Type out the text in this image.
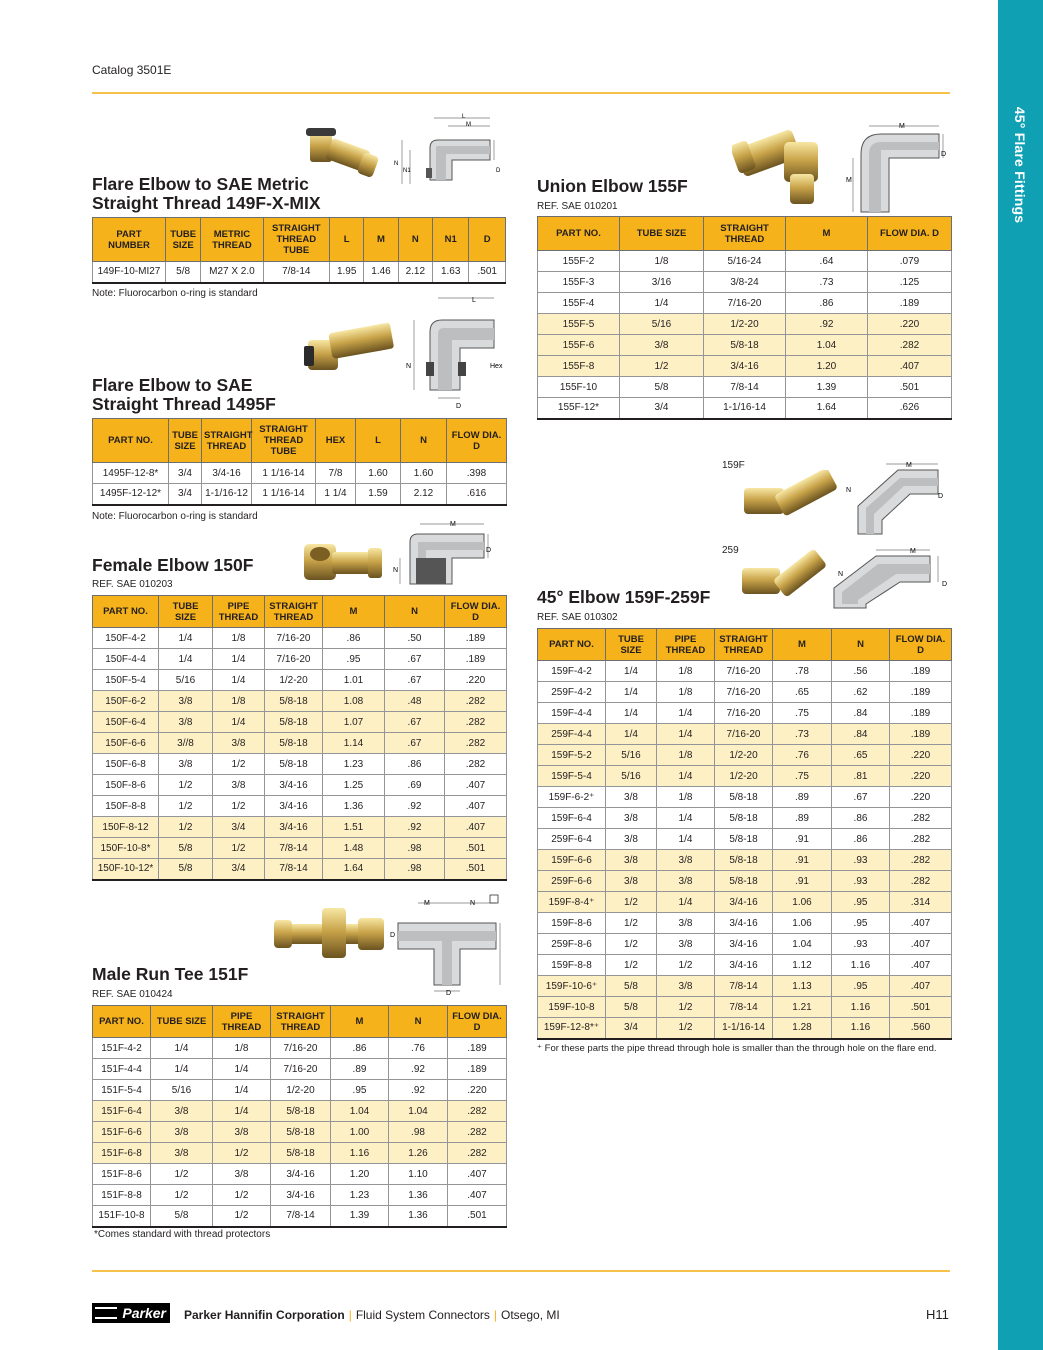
Catalog 3501E
45° Flare Fittings
L
M
N
N1	D
Flare Elbow to SAE Metric
Straight Thread 149F-X-MIX
PART NUMBER	TUBE SIZE	METRIC THREAD	STRAIGHT THREAD TUBE	L	M	N	N1	D
149F-10-MI27	5/8	M27 X 2.0	7/8-14	1.95	1.46	2.12	1.63	.501
Note: Fluorocarbon o-ring is standard
L
N	Hex
D
Flare Elbow to SAE
Straight Thread 1495F
PART NO.	TUBE SIZE	STRAIGHT THREAD	STRAIGHT THREAD TUBE	HEX	L	N	FLOW DIA. D
1495F-12-8*	3/4	3/4-16	1 1/16-14	7/8	1.60	1.60	.398
1495F-12-12*	3/4	1-1/16-12	1 1/16-14	1 1/4	1.59	2.12	.616
Note: Fluorocarbon o-ring is standard
M
N
D
Female Elbow 150F
REF. SAE 010203
PART NO.	TUBE SIZE	PIPE THREAD	STRAIGHT THREAD	M	N	FLOW DIA. D
150F-4-2	1/4	1/8	7/16-20	.86	.50	.189
150F-4-4	1/4	1/4	7/16-20	.95	.67	.189
150F-5-4	5/16	1/4	1/2-20	1.01	.67	.220
150F-6-2	3/8	1/8	5/8-18	1.08	.48	.282
150F-6-4	3/8	1/4	5/8-18	1.07	.67	.282
150F-6-6	3//8	3/8	5/8-18	1.14	.67	.282
150F-6-8	3/8	1/2	5/8-18	1.23	.86	.282
150F-8-6	1/2	3/8	3/4-16	1.25	.69	.407
150F-8-8	1/2	1/2	3/4-16	1.36	.92	.407
150F-8-12	1/2	3/4	3/4-16	1.51	.92	.407
150F-10-8*	5/8	1/2	7/8-14	1.48	.98	.501
150F-10-12*	5/8	3/4	7/8-14	1.64	.98	.501
M	N
D
D
Male Run Tee 151F
REF. SAE 010424
PART NO.	TUBE SIZE	PIPE THREAD	STRAIGHT THREAD	M	N	FLOW DIA. D
151F-4-2	1/4	1/8	7/16-20	.86	.76	.189
151F-4-4	1/4	1/4	7/16-20	.89	.92	.189
151F-5-4	5/16	1/4	1/2-20	.95	.92	.220
151F-6-4	3/8	1/4	5/8-18	1.04	1.04	.282
151F-6-6	3/8	3/8	5/8-18	1.00	.98	.282
151F-6-8	3/8	1/2	5/8-18	1.16	1.26	.282
151F-8-6	1/2	3/8	3/4-16	1.20	1.10	.407
151F-8-8	1/2	1/2	3/4-16	1.23	1.36	.407
151F-10-8	5/8	1/2	7/8-14	1.39	1.36	.501
*Comes standard with thread protectors
M
M
D
Union Elbow 155F
REF. SAE 010201
PART NO.	TUBE SIZE	STRAIGHT THREAD	M	FLOW DIA. D
155F-2	1/8	5/16-24	.64	.079
155F-3	3/16	3/8-24	.73	.125
155F-4	1/4	7/16-20	.86	.189
155F-5	5/16	1/2-20	.92	.220
155F-6	3/8	5/8-18	1.04	.282
155F-8	1/2	3/4-16	1.20	.407
155F-10	5/8	7/8-14	1.39	.501
155F-12*	3/4	1-1/16-14	1.64	.626
159F	M
N
D
259	M
N
D
45° Elbow 159F-259F
REF. SAE 010302
PART NO.	TUBE SIZE	PIPE THREAD	STRAIGHT THREAD	M	N	FLOW DIA. D
159F-4-2	1/4	1/8	7/16-20	.78	.56	.189
259F-4-2	1/4	1/8	7/16-20	.65	.62	.189
159F-4-4	1/4	1/4	7/16-20	.75	.84	.189
259F-4-4	1/4	1/4	7/16-20	.73	.84	.189
159F-5-2	5/16	1/8	1/2-20	.76	.65	.220
159F-5-4	5/16	1/4	1/2-20	.75	.81	.220
159F-6-2⁺	3/8	1/8	5/8-18	.89	.67	.220
159F-6-4	3/8	1/4	5/8-18	.89	.86	.282
259F-6-4	3/8	1/4	5/8-18	.91	.86	.282
159F-6-6	3/8	3/8	5/8-18	.91	.93	.282
259F-6-6	3/8	3/8	5/8-18	.91	.93	.282
159F-8-4⁺	1/2	1/4	3/4-16	1.06	.95	.314
159F-8-6	1/2	3/8	3/4-16	1.06	.95	.407
259F-8-6	1/2	3/8	3/4-16	1.04	.93	.407
159F-8-8	1/2	1/2	3/4-16	1.12	1.16	.407
159F-10-6⁺	5/8	3/8	7/8-14	1.13	.95	.407
159F-10-8	5/8	1/2	7/8-14	1.21	1.16	.501
159F-12-8*⁺	3/4	1/2	1-1/16-14	1.28	1.16	.560
⁺ For these parts the pipe thread through hole is smaller than the through hole on the flare end.
Parker	Parker Hannifin Corporation | Fluid System Connectors | Otsego, MI	H11
